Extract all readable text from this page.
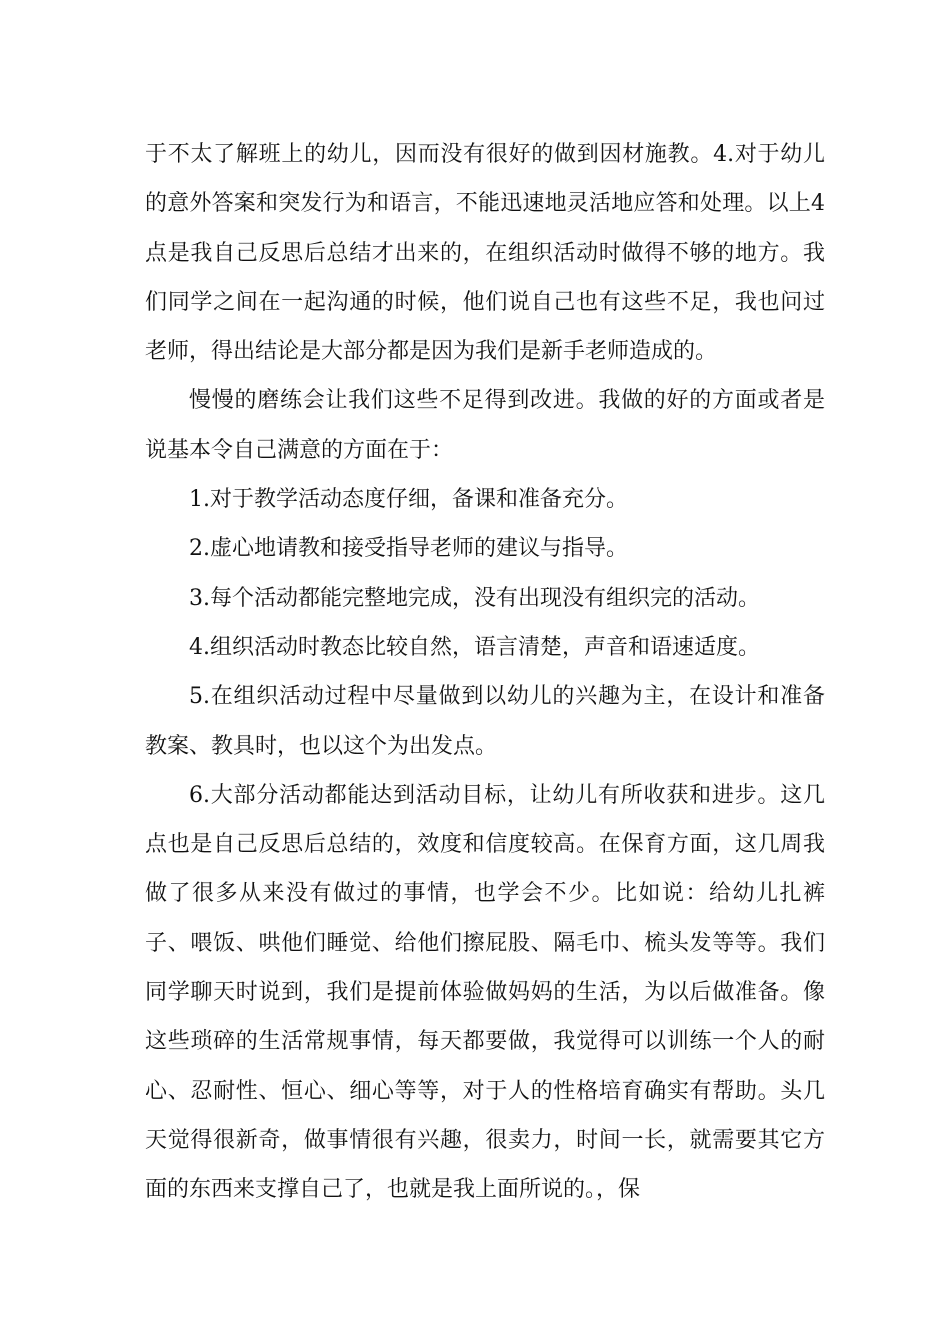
于不太了解班上的幼儿，因而没有很好的做到因材施教。4.对于幼儿的意外答案和突发行为和语言，不能迅速地灵活地应答和处理。以上4点是我自己反思后总结才出来的，在组织活动时做得不够的地方。我们同学之间在一起沟通的时候，他们说自己也有这些不足，我也问过老师，得出结论是大部分都是因为我们是新手老师造成的。

慢慢的磨练会让我们这些不足得到改进。我做的好的方面或者是说基本令自己满意的方面在于：

1.对于教学活动态度仔细，备课和准备充分。

2.虚心地请教和接受指导老师的建议与指导。

3.每个活动都能完整地完成，没有出现没有组织完的活动。

4.组织活动时教态比较自然，语言清楚，声音和语速适度。

5.在组织活动过程中尽量做到以幼儿的兴趣为主，在设计和准备教案、教具时，也以这个为出发点。

6.大部分活动都能达到活动目标，让幼儿有所收获和进步。这几点也是自己反思后总结的，效度和信度较高。在保育方面，这几周我做了很多从来没有做过的事情，也学会不少。比如说：给幼儿扎裤子、喂饭、哄他们睡觉、给他们擦屁股、隔毛巾、梳头发等等。我们同学聊天时说到，我们是提前体验做妈妈的生活，为以后做准备。像这些琐碎的生活常规事情，每天都要做，我觉得可以训练一个人的耐心、忍耐性、恒心、细心等等，对于人的性格培育确实有帮助。头几天觉得很新奇，做事情很有兴趣，很卖力，时间一长，就需要其它方面的东西来支撑自己了，也就是我上面所说的。，保
